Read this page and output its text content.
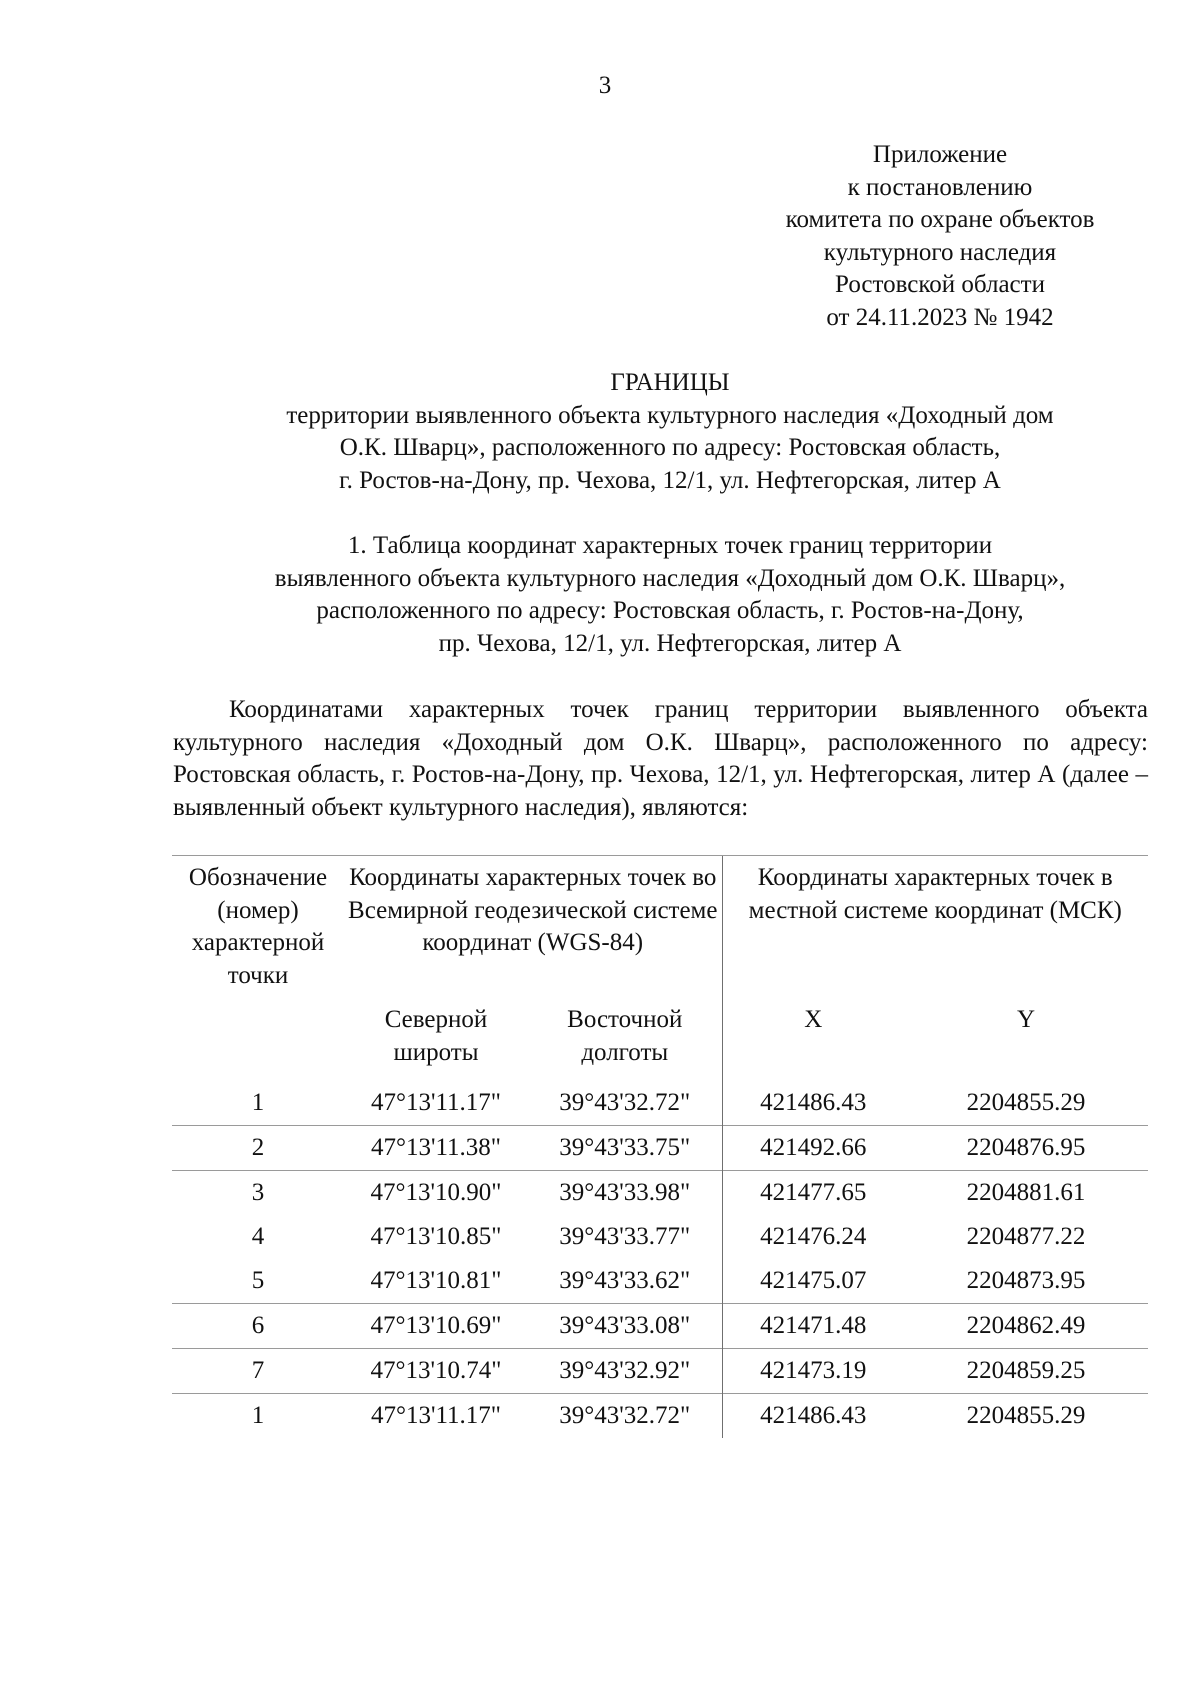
3
Приложение
к постановлению
комитета по охране объектов
культурного наследия
Ростовской области
от 24.11.2023 № 1942
ГРАНИЦЫ
территории выявленного объекта культурного наследия «Доходный дом
О.К. Шварц», расположенного по адресу: Ростовская область,
г. Ростов-на-Дону, пр. Чехова, 12/1, ул. Нефтегорская, литер А
1. Таблица координат характерных точек границ территории
выявленного объекта культурного наследия «Доходный дом О.К. Шварц»,
расположенного по адресу: Ростовская область, г. Ростов-на-Дону,
пр. Чехова, 12/1, ул. Нефтегорская, литер А

Координатами характерных точек границ территории выявленного объекта культурного наследия «Доходный дом О.К. Шварц», расположенного по адресу: Ростовская область, г. Ростов-на-Дону, пр. Чехова, 12/1, ул. Нефтегорская, литер А (далее – выявленный объект культурного наследия), являются:

Обозначение (номер) характерной точки	Координаты характерных точек во Всемирной геодезической системе координат (WGS-84)		Координаты характерных точек в местной системе координат (МСК)	
	Северной широты	Восточной долготы	X	Y
1	47°13'11.17"	39°43'32.72"	421486.43	2204855.29
2	47°13'11.38"	39°43'33.75"	421492.66	2204876.95
3	47°13'10.90"	39°43'33.98"	421477.65	2204881.61
4	47°13'10.85"	39°43'33.77"	421476.24	2204877.22
5	47°13'10.81"	39°43'33.62"	421475.07	2204873.95
6	47°13'10.69"	39°43'33.08"	421471.48	2204862.49
7	47°13'10.74"	39°43'32.92"	421473.19	2204859.25
1	47°13'11.17"	39°43'32.72"	421486.43	2204855.29
